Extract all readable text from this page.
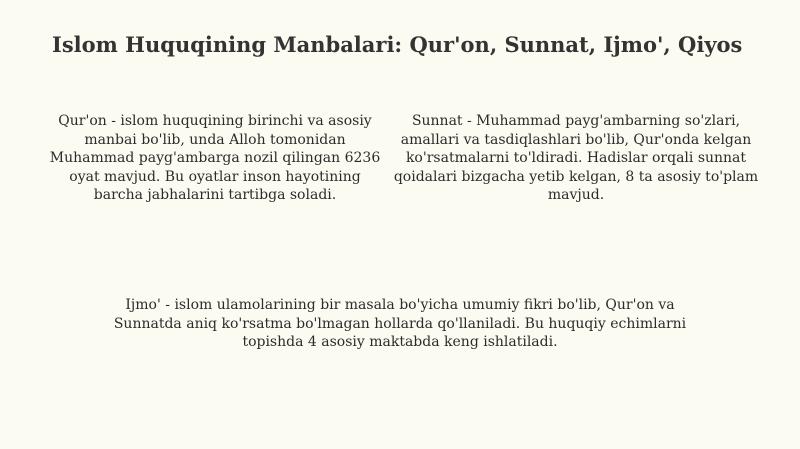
Islom Huquqining Manbalari: Qur'on, Sunnat, Ijmo', Qiyos

Qur'on - islom huquqining birinchi va asosiy manbai bo'lib, unda Alloh tomonidan Muhammad payg'ambarga nozil qilingan 6236 oyat mavjud. Bu oyatlar inson hayotining barcha jabhalarini tartibga soladi.

Sunnat - Muhammad payg'ambarning so'zlari, amallari va tasdiqlashlari bo'lib, Qur'onda kelgan ko'rsatmalarni to'ldiradi. Hadislar orqali sunnat qoidalari bizgacha yetib kelgan, 8 ta asosiy to'plam mavjud.

Ijmo' - islom ulamolarining bir masala bo'yicha umumiy fikri bo'lib, Qur'on va Sunnatda aniq ko'rsatma bo'lmagan hollarda qo'llaniladi. Bu huquqiy echimlarni topishda 4 asosiy maktabda keng ishlatiladi.
